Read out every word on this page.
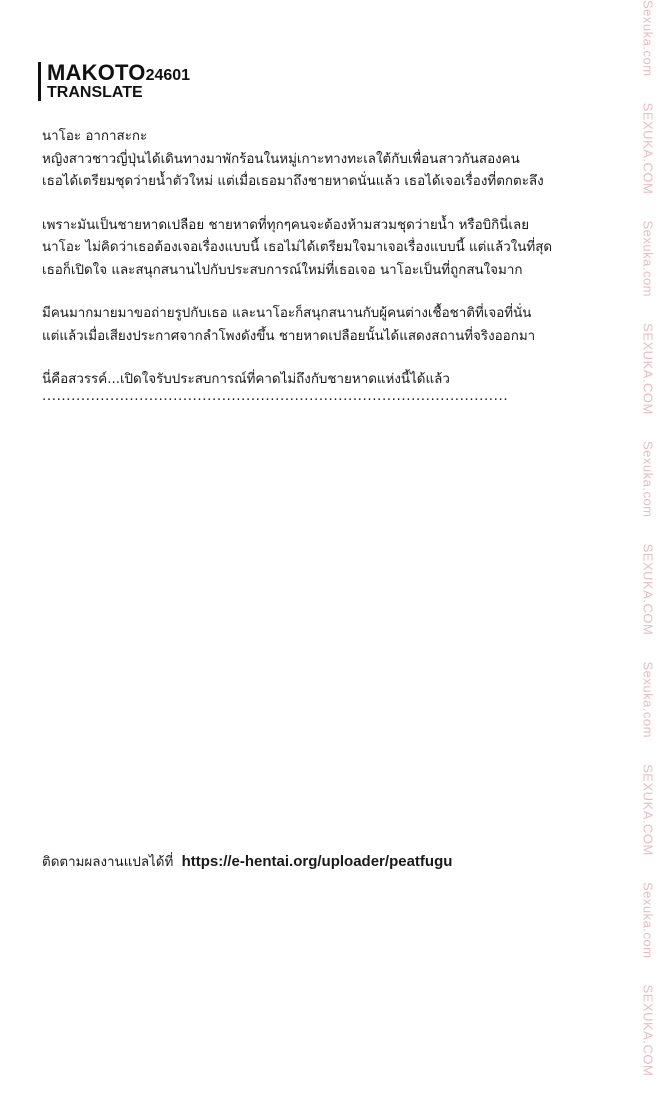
MAKOTO24601
TRANSLATE
นาโอะ อากาสะกะ
หญิงสาวชาวญี่ปุ่นได้เดินทางมาพักร้อนในหมู่เกาะทางทะเลใต้กับเพื่อนสาวกันสองคน
เธอได้เตรียมชุดว่ายน้ำตัวใหม่ แต่เมื่อเธอมาถึงชายหาดนั่นแล้ว เธอได้เจอเรื่องที่ตกตะลึง
เพราะมันเป็นชายหาดเปลือย ชายหาดที่ทุกๆคนจะต้องห้ามสวมชุดว่ายน้ำ หรือบิกินี่เลย
นาโอะ ไม่คิดว่าเธอต้องเจอเรื่องแบบนี้ เธอไม่ได้เตรียมใจมาเจอเรื่องแบบนี้ แต่แล้วในที่สุด
เธอก็เปิดใจ และสนุกสนานไปกับประสบการณ์ใหม่ที่เธอเจอ นาโอะเป็นที่ถูกสนใจมาก
มีคนมากมายมาขอถ่ายรูปกับเธอ และนาโอะก็สนุกสนานกับผู้คนต่างเชื้อชาติที่เจอที่นั่น
แต่แล้วเมื่อเสียงประกาศจากลำโพงดังขึ้น ชายหาดเปลือยนั้นได้แสดงสถานที่จริงออกมา
นี่คือสวรรค์...เปิดใจรับประสบการณ์ที่คาดไม่ถึงกับชายหาดแห่งนี้ได้แล้ว
................................................................................................
ติดตามผลงานแปลได้ที่ https://e-hentai.org/uploader/peatfugu
Sexuka.com SEXUKA.COM Sexuka.com SEXUKA.COM Sexuka.com SEXUKA.COM Sexuka.com SEXUKA.COM Sexuka.com SEXUKA.COM
